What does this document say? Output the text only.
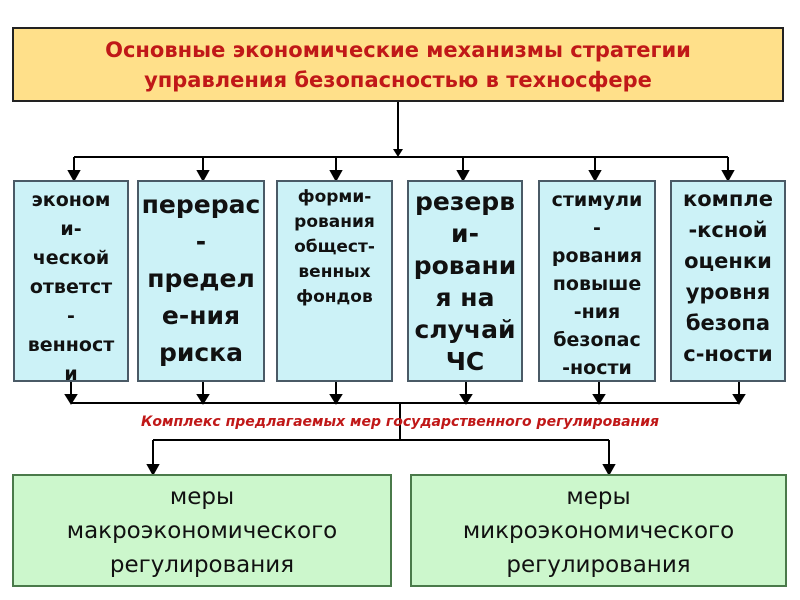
Основные экономические механизмы стратегии
управления безопасностью в техносфере
эконом
и-
ческой
ответст
-
венност
и
перерас
-
предел
е-ния
риска
форми-
рования
общест-
венных
фондов
резерв
и-
ровани
я на
случай
ЧС
стимули
-
рования
повыше
-ния
безопас
-ности
компле
-ксной
оценки
уровня
безопа
с-ности
Комплекс предлагаемых мер государственного регулирования
меры
макроэкономического
регулирования
меры
микроэкономического
регулирования
